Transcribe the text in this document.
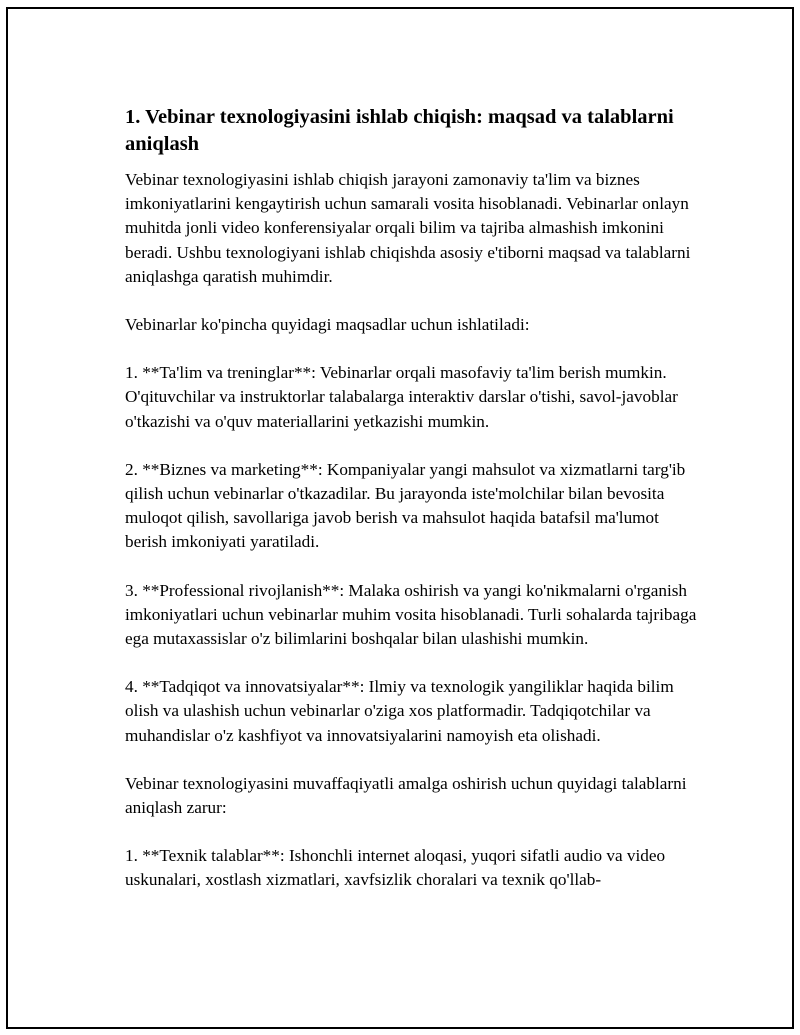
1. Vebinar texnologiyasini ishlab chiqish: maqsad va talablarni aniqlash

Vebinar texnologiyasini ishlab chiqish jarayoni zamonaviy ta'lim va biznes imkoniyatlarini kengaytirish uchun samarali vosita hisoblanadi. Vebinarlar onlayn muhitda jonli video konferensiyalar orqali bilim va tajriba almashish imkonini beradi. Ushbu texnologiyani ishlab chiqishda asosiy e'tiborni maqsad va talablarni aniqlashga qaratish muhimdir.

Vebinarlar ko'pincha quyidagi maqsadlar uchun ishlatiladi:

1. **Ta'lim va treninglar**: Vebinarlar orqali masofaviy ta'lim berish mumkin. O'qituvchilar va instruktorlar talabalarga interaktiv darslar o'tishi, savol-javoblar o'tkazishi va o'quv materiallarini yetkazishi mumkin.

2. **Biznes va marketing**: Kompaniyalar yangi mahsulot va xizmatlarni targ'ib qilish uchun vebinarlar o'tkazadilar. Bu jarayonda iste'molchilar bilan bevosita muloqot qilish, savollariga javob berish va mahsulot haqida batafsil ma'lumot berish imkoniyati yaratiladi.

3. **Professional rivojlanish**: Malaka oshirish va yangi ko'nikmalarni o'rganish imkoniyatlari uchun vebinarlar muhim vosita hisoblanadi. Turli sohalarda tajribaga ega mutaxassislar o'z bilimlarini boshqalar bilan ulashishi mumkin.

4. **Tadqiqot va innovatsiyalar**: Ilmiy va texnologik yangiliklar haqida bilim olish va ulashish uchun vebinarlar o'ziga xos platformadir. Tadqiqotchilar va muhandislar o'z kashfiyot va innovatsiyalarini namoyish eta olishadi.

Vebinar texnologiyasini muvaffaqiyatli amalga oshirish uchun quyidagi talablarni aniqlash zarur:

1. **Texnik talablar**: Ishonchli internet aloqasi, yuqori sifatli audio va video uskunalari, xostlash xizmatlari, xavfsizlik choralari va texnik qo'llab-
